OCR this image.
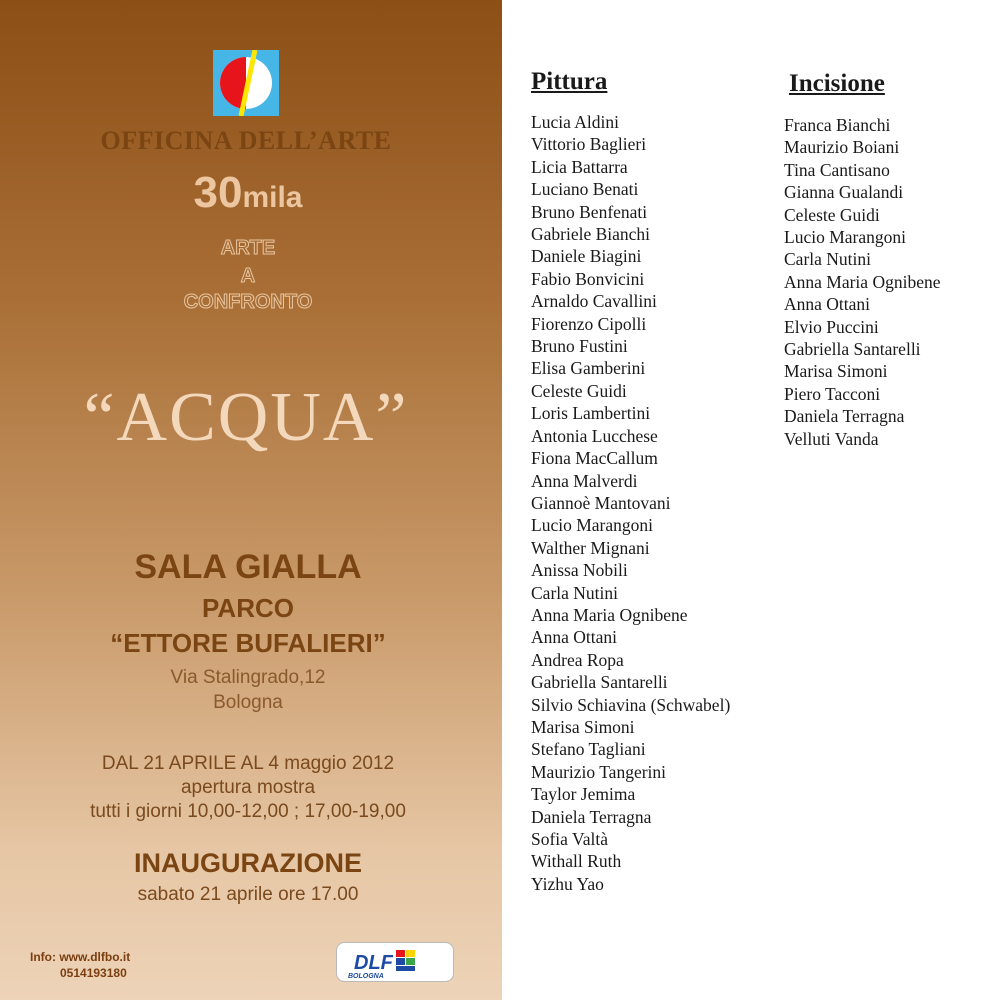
OFFICINA DELL’ARTE
30mila
ARTE
A
CONFRONTO
“ACQUA”
SALA GIALLA
PARCO
“ETTORE BUFALIERI”
Via Stalingrado,12
Bologna
DAL 21 APRILE AL 4 maggio 2012
apertura mostra
tutti i giorni 10,00-12,00 ; 17,00-19,00
INAUGURAZIONE
sabato 21 aprile ore 17.00
Info: www.dlfbo.it
0514193180	DLF
BOLOGNA
Pittura
Lucia Aldini
Vittorio Baglieri
Licia Battarra
Luciano Benati
Bruno Benfenati
Gabriele Bianchi
Daniele Biagini
Fabio Bonvicini
Arnaldo Cavallini
Fiorenzo Cipolli
Bruno Fustini
Elisa Gamberini
Celeste Guidi
Loris Lambertini
Antonia Lucchese
Fiona MacCallum
Anna Malverdi
Giannoè Mantovani
Lucio Marangoni
Walther Mignani
Anissa Nobili
Carla Nutini
Anna Maria Ognibene
Anna Ottani
Andrea Ropa
Gabriella Santarelli
Silvio Schiavina (Schwabel)
Marisa Simoni
Stefano Tagliani
Maurizio Tangerini
Taylor Jemima
Daniela Terragna
Sofia Valtà
Withall Ruth
Yizhu Yao
Incisione
Franca Bianchi
Maurizio Boiani
Tina Cantisano
Gianna Gualandi
Celeste Guidi
Lucio Marangoni
Carla Nutini
Anna Maria Ognibene
Anna Ottani
Elvio Puccini
Gabriella Santarelli
Marisa Simoni
Piero Tacconi
Daniela Terragna
Velluti Vanda
